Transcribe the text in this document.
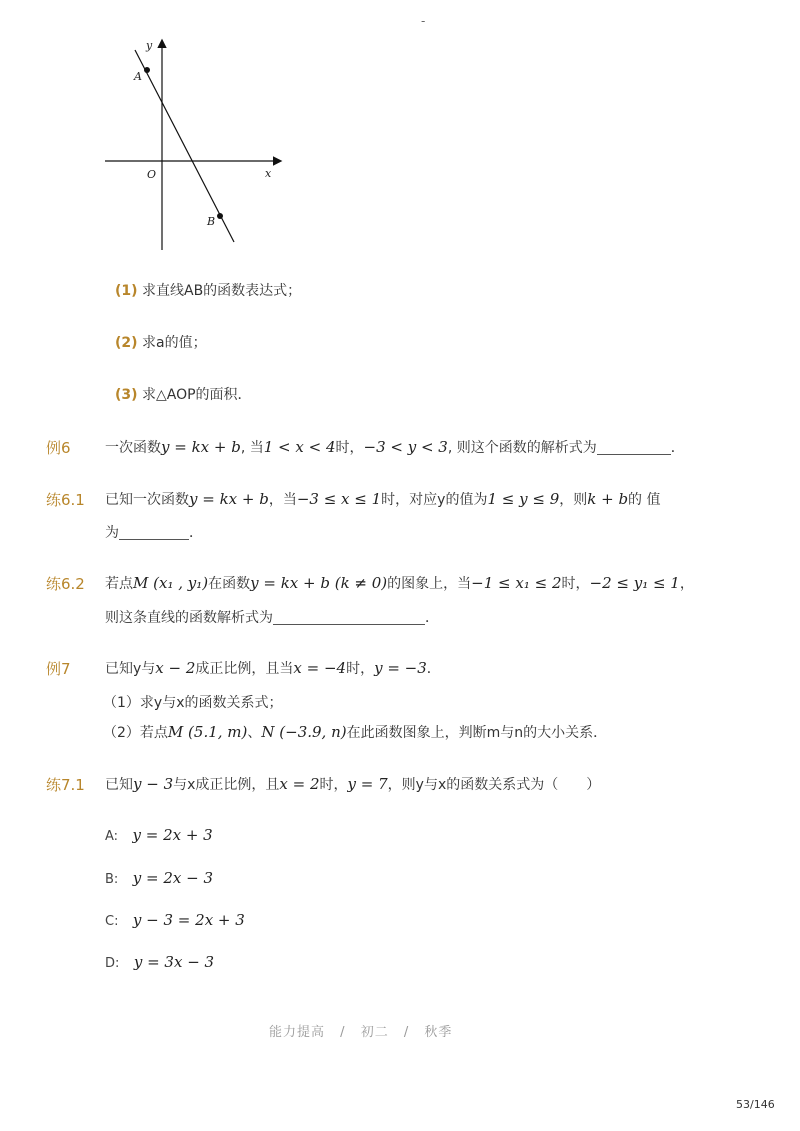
-
y
x
O
A
B
(1) 求直线AB的函数表达式；
(2) 求a的值；
(3) 求△AOP的面积．
例6 一次函数y = kx + b, 当1 < x < 4时，−3 < y < 3, 则这个函数的解析式为	．
练6.1 已知一次函数y = kx + b，当−3 ≤ x ≤ 1时，对应y的值为1 ≤ y ≤ 9，则k + b的 值
为	．
练6.2 若点M (x₁ , y₁)在函数y = kx + b (k ≠ 0)的图象上，当−1 ≤ x₁ ≤ 2时，−2 ≤ y₁ ≤ 1，
则这条直线的函数解析式为	．
例7 已知y与x − 2成正比例，且当x = −4时，y = −3．
（1）求y与x的函数关系式；
（2）若点M (5.1, m)、N (−3.9, n)在此函数图象上，判断m与n的大小关系．
练7.1 已知y − 3与x成正比例，且x = 2时，y = 7，则y与x的函数关系式为（　　）
A: y = 2x + 3
B: y = 2x − 3
C: y − 3 = 2x + 3
D: y = 3x − 3
能力提高 / 初二 / 秋季
53/146
